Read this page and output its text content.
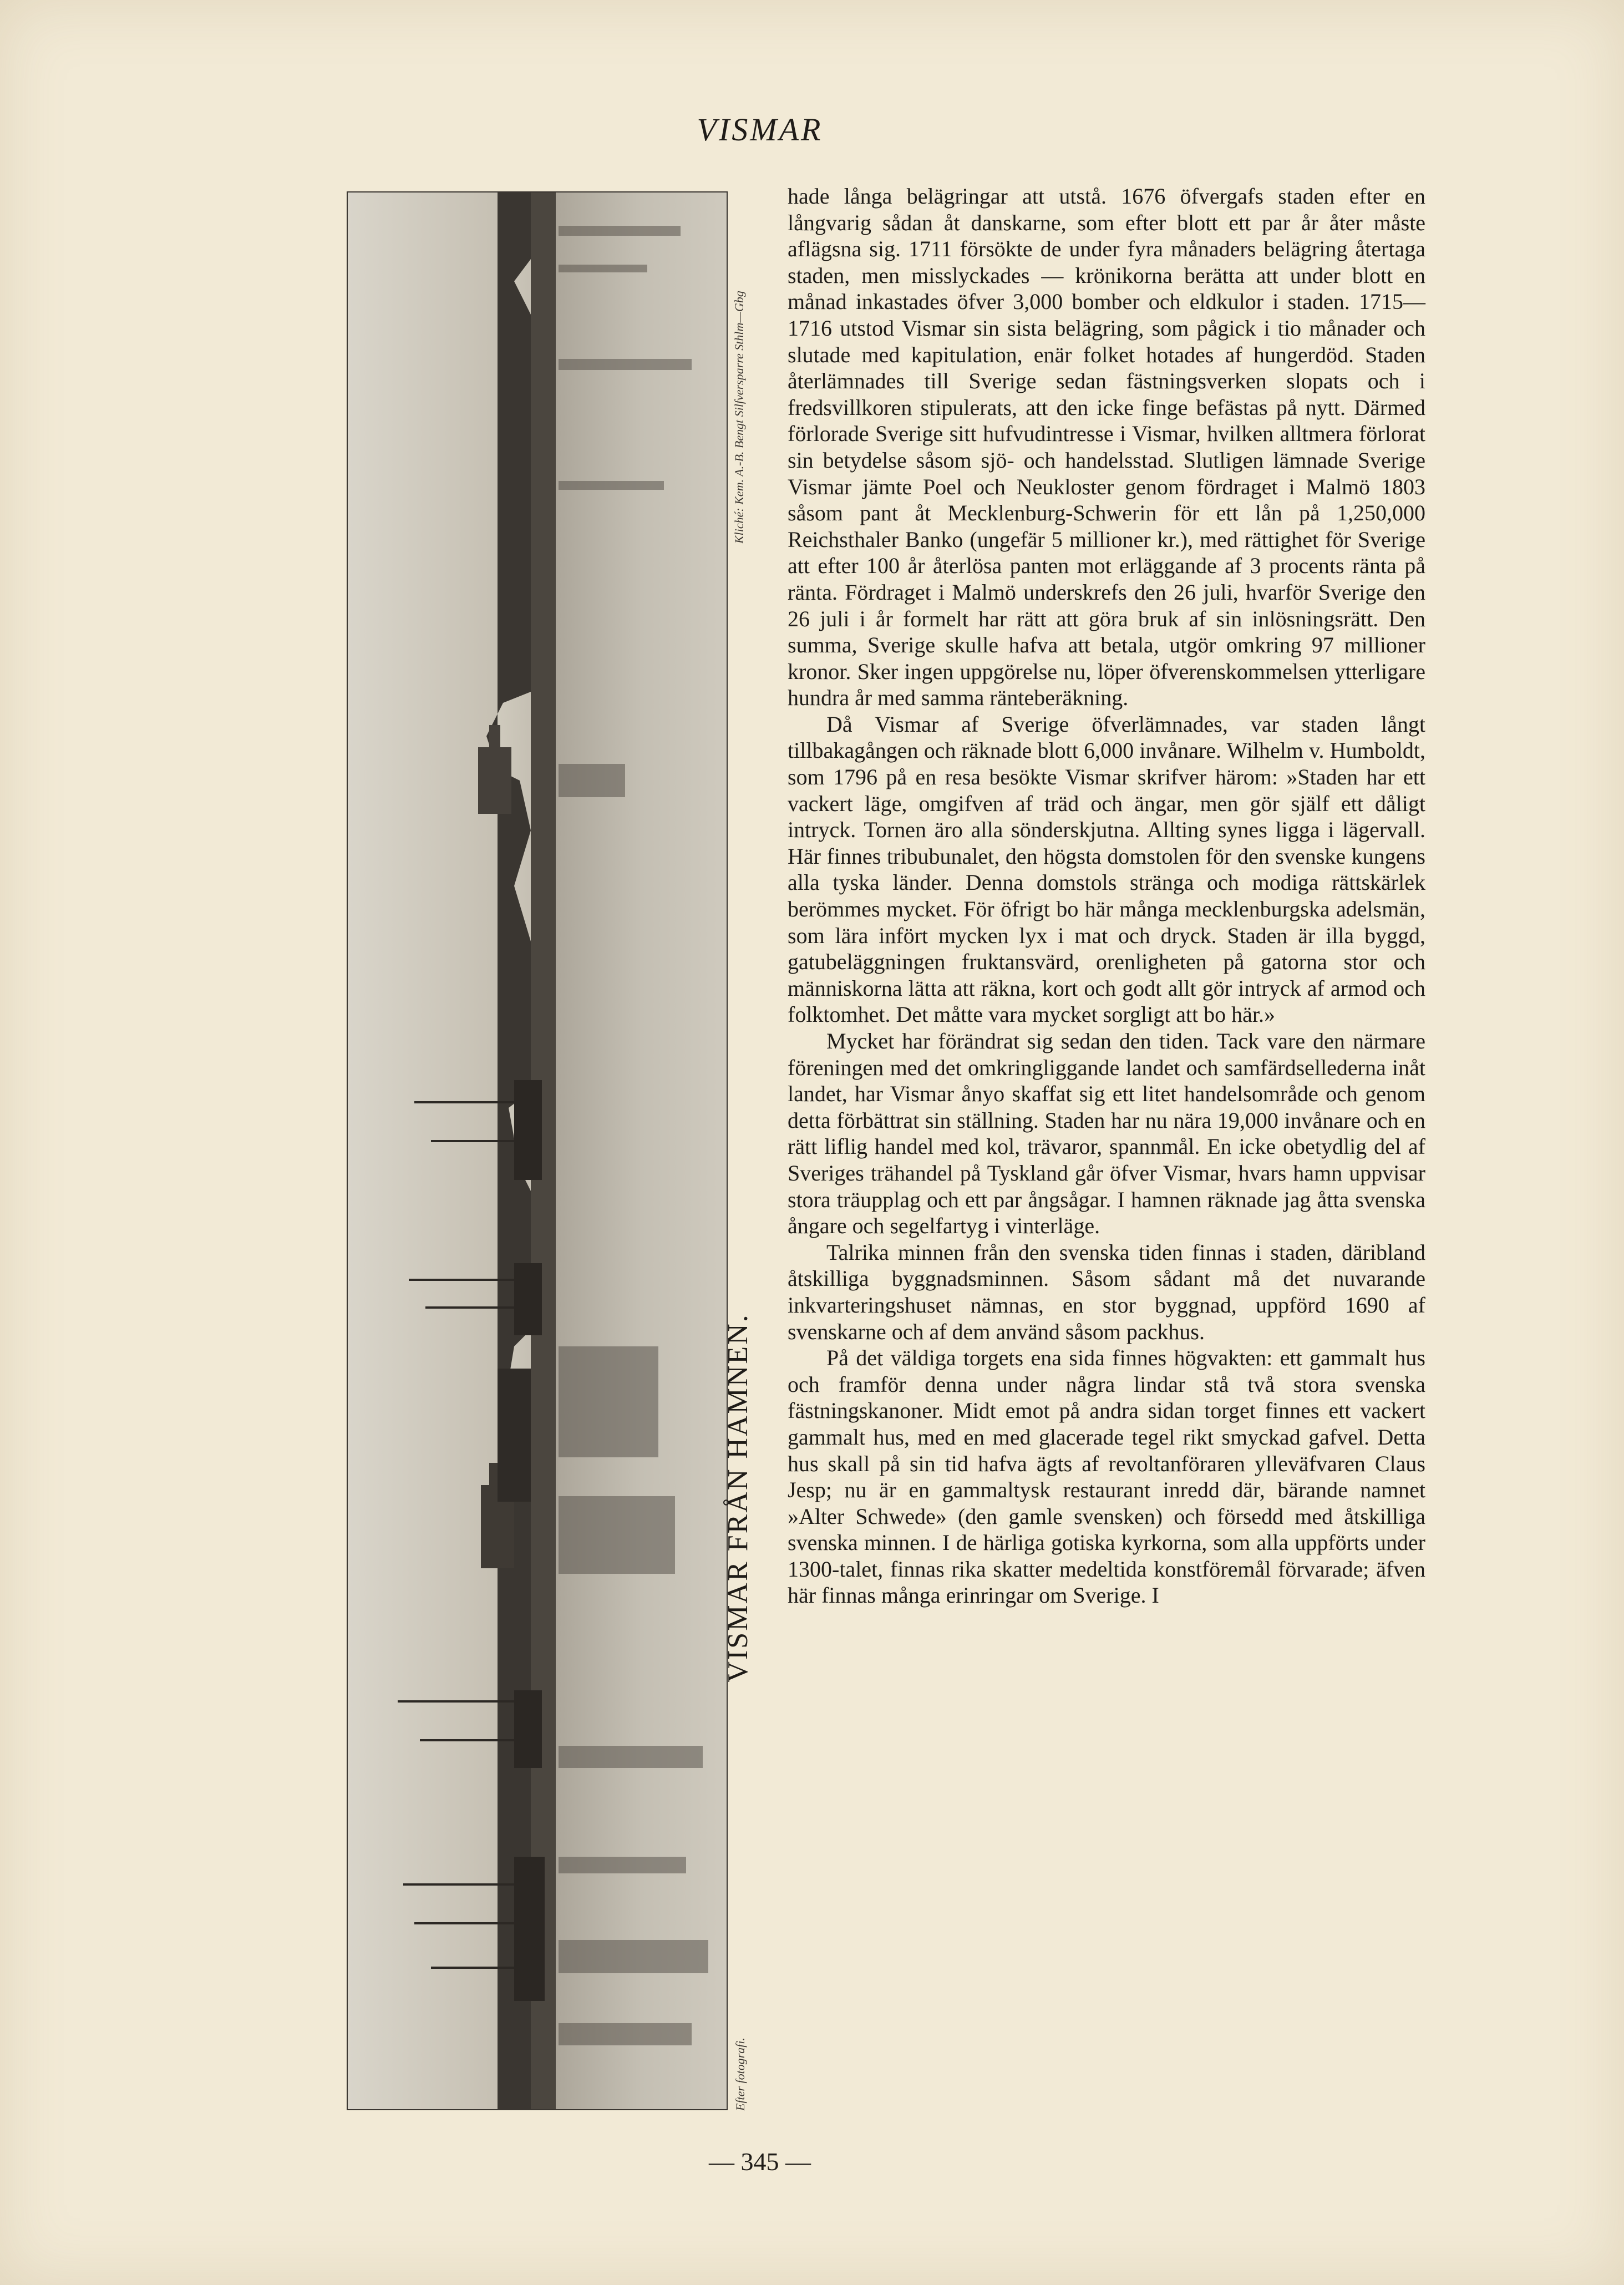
VISMAR
VISMAR FRÅN HAMNEN.
Kliché: Kem. A.-B. Bengt Silfversparre Sthlm—Gbg
Efter fotografi.

hade långa belägringar att utstå. 1676 öfvergafs staden efter en långvarig sådan åt danskarne, som efter blott ett par år åter måste aflägsna sig. 1711 försökte de under fyra månaders belägring återtaga staden, men misslyckades — krönikorna berätta att under blott en månad inkastades öfver 3,000 bomber och eldkulor i staden. 1715—1716 utstod Vismar sin sista belägring, som pågick i tio månader och slutade med kapitulation, enär folket hotades af hungerdöd. Staden återlämnades till Sverige sedan fästningsverken slopats och i fredsvillkoren stipulerats, att den icke finge befästas på nytt. Därmed förlorade Sverige sitt hufvudintresse i Vismar, hvilken alltmera förlorat sin betydelse såsom sjö- och handelsstad. Slutligen lämnade Sverige Vismar jämte Poel och Neukloster genom fördraget i Malmö 1803 såsom pant åt Mecklenburg-Schwerin för ett lån på 1,250,000 Reichsthaler Banko (ungefär 5 millioner kr.), med rättighet för Sverige att efter 100 år återlösa panten mot erläggande af 3 procents ränta på ränta. Fördraget i Malmö underskrefs den 26 juli, hvarför Sverige den 26 juli i år formelt har rätt att göra bruk af sin inlösningsrätt. Den summa, Sverige skulle hafva att betala, utgör omkring 97 millioner kronor. Sker ingen uppgörelse nu, löper öfverenskommelsen ytterligare hundra år med samma ränteberäkning.

Då Vismar af Sverige öfverlämnades, var staden långt tillbakagången och räknade blott 6,000 invånare. Wilhelm v. Humboldt, som 1796 på en resa besökte Vismar skrifver härom: »Staden har ett vackert läge, omgifven af träd och ängar, men gör själf ett dåligt intryck. Tornen äro alla sönderskjutna. Allting synes ligga i lägervall. Här finnes tribubunalet, den högsta domstolen för den svenske kungens alla tyska länder. Denna domstols stränga och modiga rättskärlek berömmes mycket. För öfrigt bo här många mecklenburgska adelsmän, som lära infört mycken lyx i mat och dryck. Staden är illa byggd, gatubeläggningen fruktansvärd, orenligheten på gatorna stor och människorna lätta att räkna, kort och godt allt gör intryck af armod och folktomhet. Det måtte vara mycket sorgligt att bo här.»

Mycket har förändrat sig sedan den tiden. Tack vare den närmare föreningen med det omkringliggande landet och samfärdsellederna inåt landet, har Vismar ånyo skaffat sig ett litet handelsområde och genom detta förbättrat sin ställning. Staden har nu nära 19,000 invånare och en rätt liflig handel med kol, trävaror, spannmål. En icke obetydlig del af Sveriges trähandel på Tyskland går öfver Vismar, hvars hamn uppvisar stora träupplag och ett par ångsågar. I hamnen räknade jag åtta svenska ångare och segelfartyg i vinterläge.

Talrika minnen från den svenska tiden finnas i staden, däribland åtskilliga byggnadsminnen. Såsom sådant må det nuvarande inkvarteringshuset nämnas, en stor byggnad, uppförd 1690 af svenskarne och af dem använd såsom packhus.

På det väldiga torgets ena sida finnes högvakten: ett gammalt hus och framför denna under några lindar stå två stora svenska fästningskanoner. Midt emot på andra sidan torget finnes ett vackert gammalt hus, med en med glacerade tegel rikt smyckad gafvel. Detta hus skall på sin tid hafva ägts af revoltanföraren ylleväfvaren Claus Jesp; nu är en gammaltysk restaurant inredd där, bärande namnet »Alter Schwede» (den gamle svensken) och försedd med åtskilliga svenska minnen. I de härliga gotiska kyrkorna, som alla uppförts under 1300-talet, finnas rika skatter medeltida konstföremål förvarade; äfven här finnas många erinringar om Sverige. I

— 345 —
